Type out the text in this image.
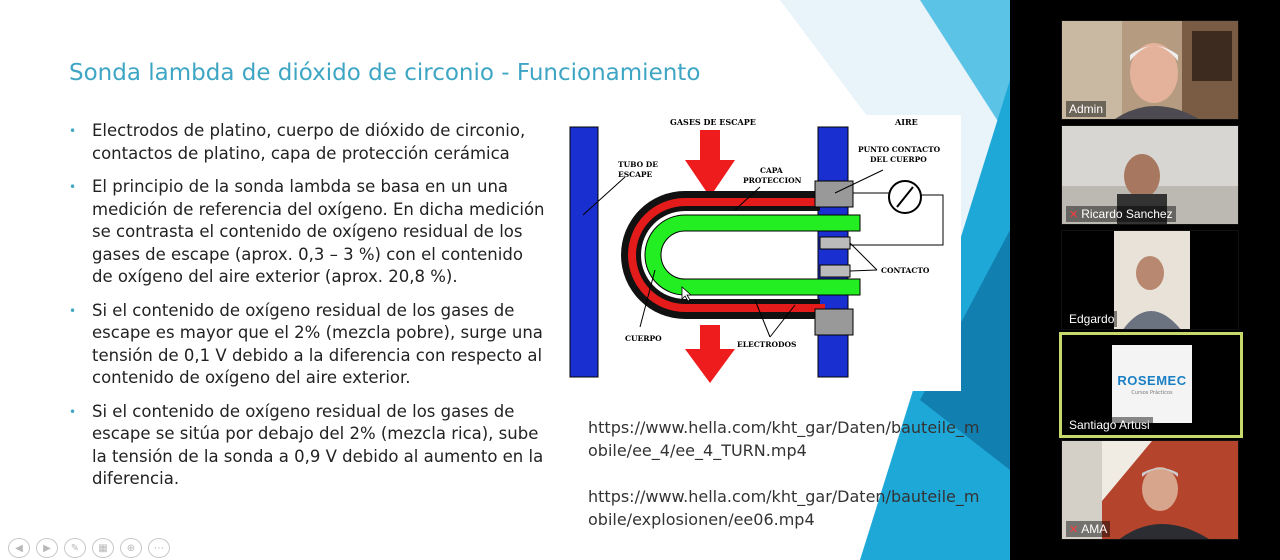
Sonda lambda de dióxido de circonio - Funcionamiento
• Electrodos de platino, cuerpo de dióxido de circonio, contactos de platino, capa de protección cerámica
• El principio de la sonda lambda se basa en un una medición de referencia del oxígeno. En dicha medición se contrasta el contenido de oxígeno residual de los gases de escape (aprox. 0,3 – 3 %) con el contenido de oxígeno del aire exterior (aprox. 20,8 %).
• Si el contenido de oxígeno residual de los gases de escape es mayor que el 2% (mezcla pobre), surge una tensión de 0,1 V debido a la diferencia con respecto al contenido de oxígeno del aire exterior.
• Si el contenido de oxígeno residual de los gases de escape se sitúa por debajo del 2% (mezcla rica), sube la tensión de la sonda a 0,9 V debido al aumento en la diferencia.
GASES DE ESCAPE	AIRE
TUBO DE
ESCAPE	CAPA
PROTECCION
PUNTO CONTACTO
DEL CUERPO
CONTACTO
CUERPO
ELECTRODOS
https://www.hella.com/kht_gar/Daten/bauteile_mobile/ee_4/ee_4_TURN.mp4
https://www.hella.com/kht_gar/Daten/bauteile_mobile/explosionen/ee06.mp4
◀	▶	✎	▦	⊕	⋯
Admin
✕ Ricardo Sanchez
Edgardo
ROSEMEC
Cursos Prácticos
Santiago Artusi
✕ AMA
